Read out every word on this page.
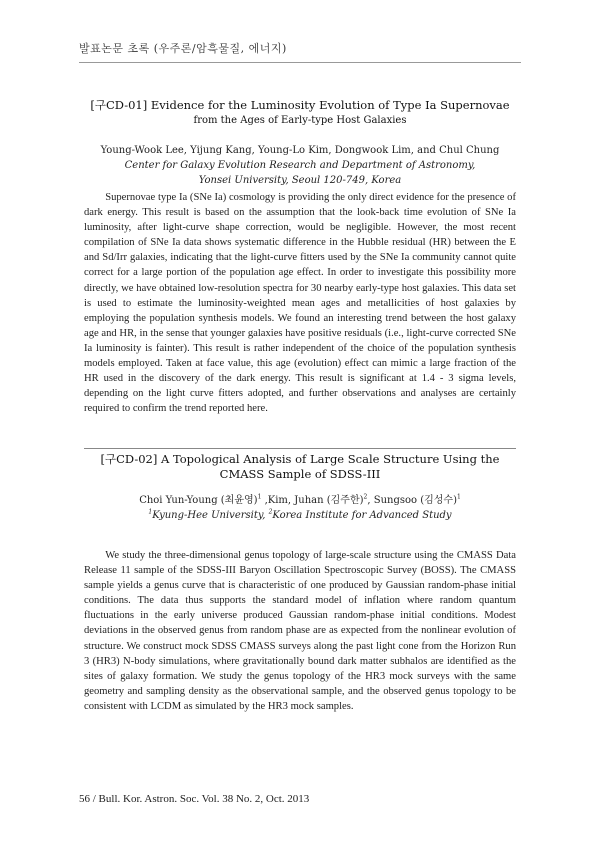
발표논문 초록 (우주론/암흑물질, 에너지)
[구CD-01] Evidence for the Luminosity Evolution of Type Ia Supernovae
from the Ages of Early-type Host Galaxies
Young-Wook Lee, Yijung Kang, Young-Lo Kim, Dongwook Lim, and Chul Chung
Center for Galaxy Evolution Research and Department of Astronomy,
Yonsei University, Seoul 120-749, Korea

Supernovae type Ia (SNe Ia) cosmology is providing the only direct evidence for the presence of dark energy. This result is based on the assumption that the look-back time evolution of SNe Ia luminosity, after light-curve shape correction, would be negligible. However, the most recent compilation of SNe Ia data shows systematic difference in the Hubble residual (HR) between the E and Sd/Irr galaxies, indicating that the light-curve fitters used by the SNe Ia community cannot quite correct for a large portion of the population age effect. In order to investigate this possibility more directly, we have obtained low-resolution spectra for 30 nearby early-type host galaxies. This data set is used to estimate the luminosity-weighted mean ages and metallicities of host galaxies by employing the population synthesis models. We found an interesting trend between the host galaxy age and HR, in the sense that younger galaxies have positive residuals (i.e., light-curve corrected SNe Ia luminosity is fainter). This result is rather independent of the choice of the population synthesis models employed. Taken at face value, this age (evolution) effect can mimic a large fraction of the HR used in the discovery of the dark energy. This result is significant at 1.4 - 3 sigma levels, depending on the light curve fitters adopted, and further observations and analyses are certainly required to confirm the trend reported here.

[구CD-02] A Topological Analysis of Large Scale Structure Using the
CMASS Sample of SDSS-III
Choi Yun-Young (최윤영)$^1$ ,Kim, Juhan (김주한)$^2$, Sungsoo (김성수)$^1$
$^1$Kyung-Hee University, $^2$Korea Institute for Advanced Study

We study the three-dimensional genus topology of large-scale structure using the CMASS Data Release 11 sample of the SDSS-III Baryon Oscillation Spectroscopic Survey (BOSS). The CMASS sample yields a genus curve that is characteristic of one produced by Gaussian random-phase initial conditions. The data thus supports the standard model of inflation where random quantum fluctuations in the early universe produced Gaussian random-phase initial conditions. Modest deviations in the observed genus from random phase are as expected from the nonlinear evolution of structure. We construct mock SDSS CMASS surveys along the past light cone from the Horizon Run 3 (HR3) N-body simulations, where gravitationally bound dark matter subhalos are identified as the sites of galaxy formation. We study the genus topology of the HR3 mock surveys with the same geometry and sampling density as the observational sample, and the observed genus topology to be consistent with LCDM as simulated by the HR3 mock samples.

56 / Bull. Kor. Astron. Soc. Vol. 38 No. 2, Oct. 2013
